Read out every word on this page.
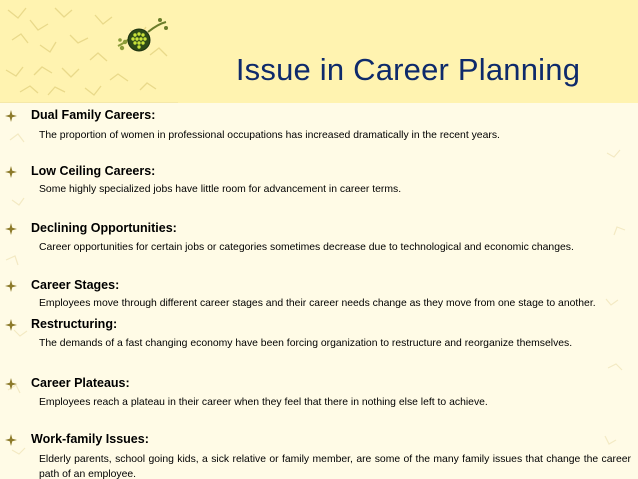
Issue in Career Planning
Dual Family Careers:
The proportion of women in professional occupations has increased dramatically in the recent years.
Low Ceiling Careers:
Some highly specialized jobs have little room for advancement in career terms.
Declining Opportunities:
Career opportunities for certain jobs or categories sometimes decrease due to technological and economic changes.
Career Stages:
Employees move through different career stages and their career needs change as they move from one stage to another.
Restructuring:
The demands of a fast changing economy have been forcing organization to restructure and reorganize themselves.
Career Plateaus:
Employees reach a plateau in their career when they feel that there in nothing else left to achieve.
Work-family Issues:
Elderly parents, school going kids, a sick relative or family member, are some of the many family issues that change the career path of an employee.
